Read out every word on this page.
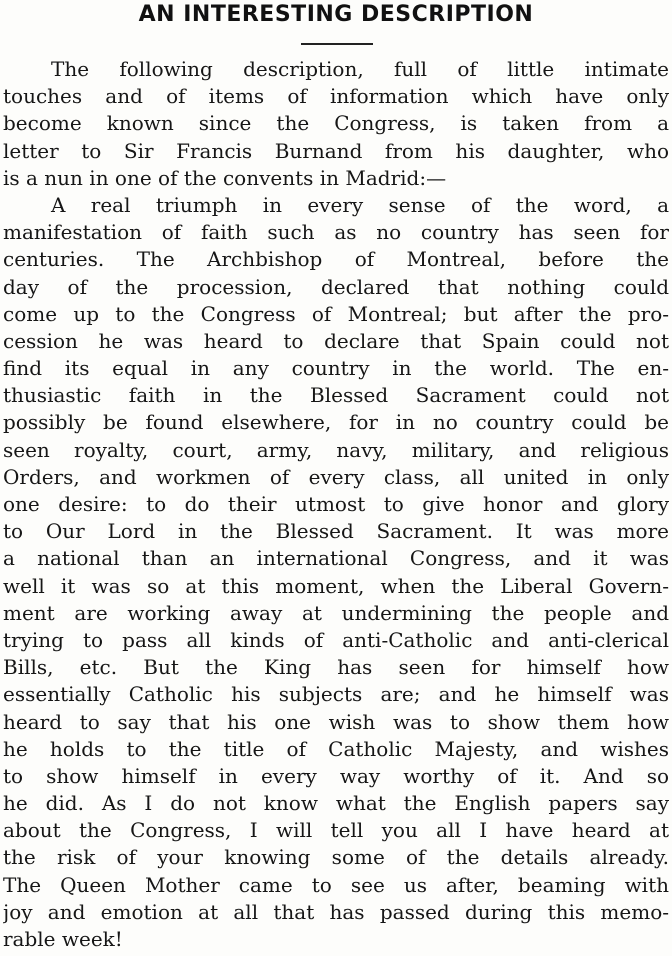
AN INTERESTING DESCRIPTION
The following description, full of little intimate
touches and of items of information which have only
become known since the Congress, is taken from a
letter to Sir Francis Burnand from his daughter, who
is a nun in one of the convents in Madrid:—
A real triumph in every sense of the word, a
manifestation of faith such as no country has seen for
centuries. The Archbishop of Montreal, before the
day of the procession, declared that nothing could
come up to the Congress of Montreal; but after the pro-
cession he was heard to declare that Spain could not
find its equal in any country in the world. The en-
thusiastic faith in the Blessed Sacrament could not
possibly be found elsewhere, for in no country could be
seen royalty, court, army, navy, military, and religious
Orders, and workmen of every class, all united in only
one desire: to do their utmost to give honor and glory
to Our Lord in the Blessed Sacrament. It was more
a national than an international Congress, and it was
well it was so at this moment, when the Liberal Govern-
ment are working away at undermining the people and
trying to pass all kinds of anti-Catholic and anti-clerical
Bills, etc. But the King has seen for himself how
essentially Catholic his subjects are; and he himself was
heard to say that his one wish was to show them how
he holds to the title of Catholic Majesty, and wishes
to show himself in every way worthy of it. And so
he did. As I do not know what the English papers say
about the Congress, I will tell you all I have heard at
the risk of your knowing some of the details already.
The Queen Mother came to see us after, beaming with
joy and emotion at all that has passed during this memo-
rable week!
